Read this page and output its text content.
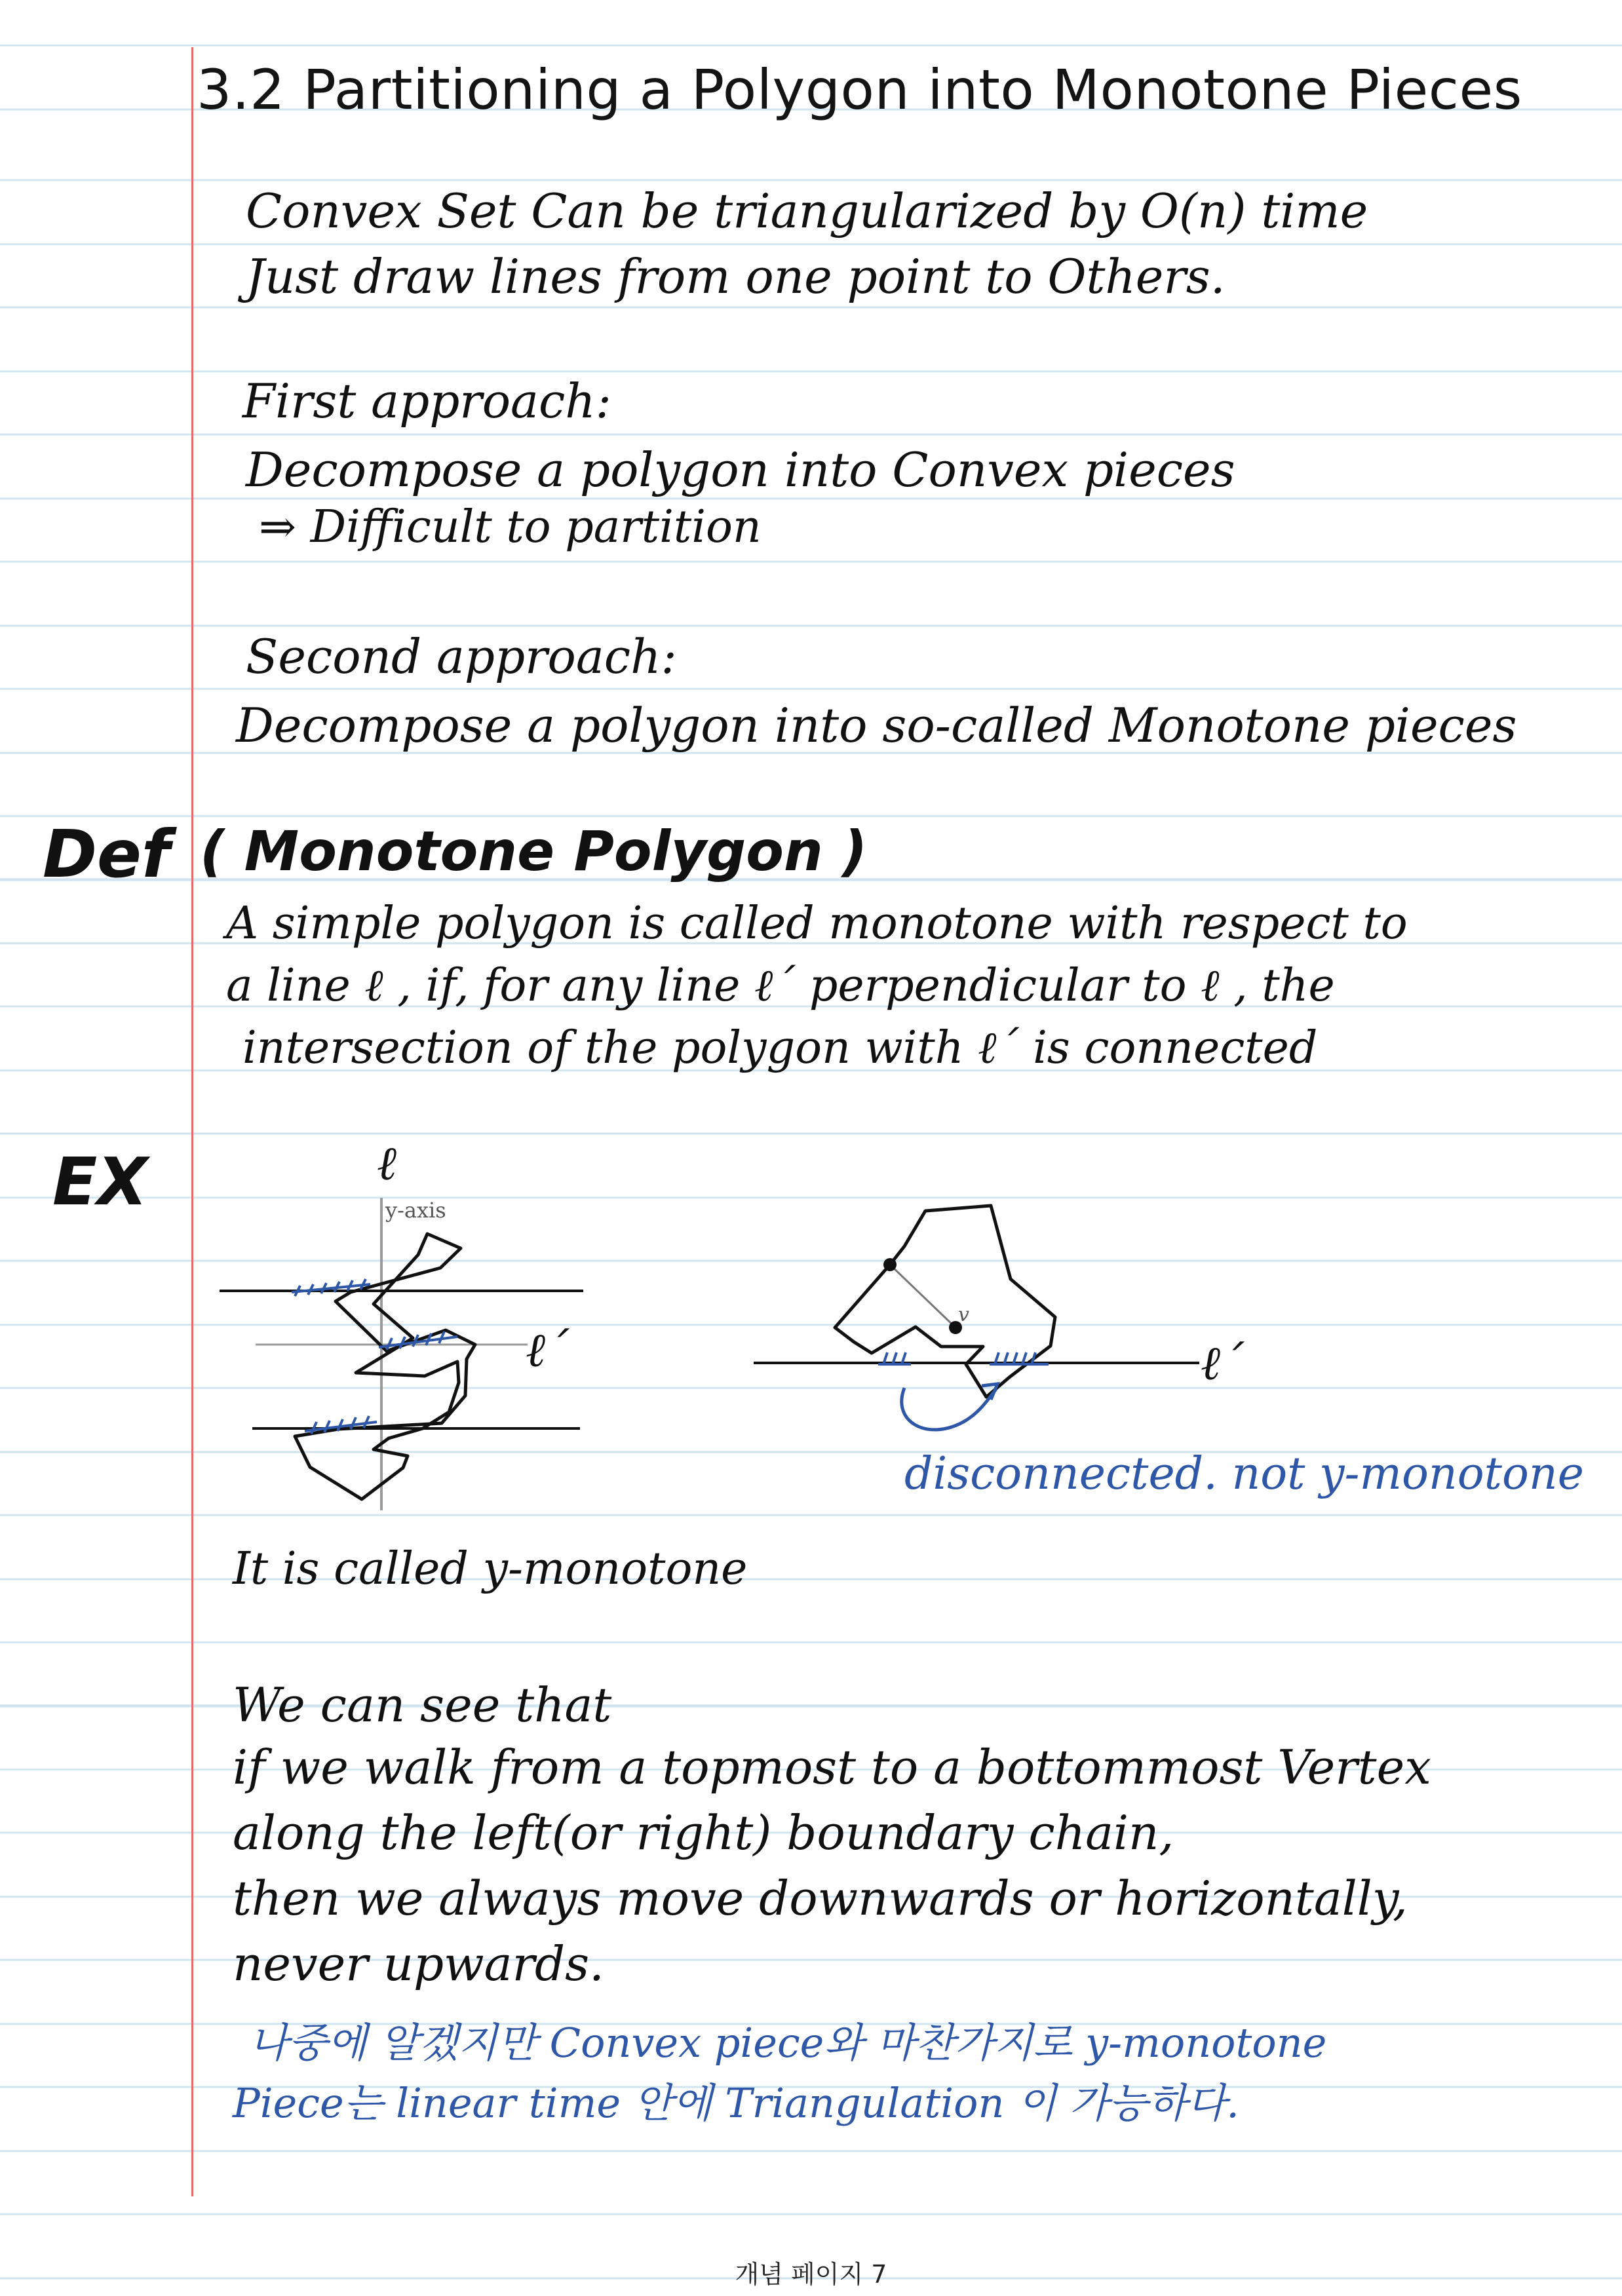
3.2 Partitioning a Polygon into Monotone Pieces
Convex Set Can be triangularized by O(n) time
Just draw lines from one point to Others.
First approach:
Decompose a polygon into Convex pieces
⇒ Difficult to partition
Second approach:
Decompose a polygon into so-called Monotone pieces
Def ( Monotone Polygon )
A simple polygon is called monotone with respect to
a line ℓ , if, for any line ℓ´ perpendicular to ℓ , the
intersection of the polygon with ℓ´ is connected
EX	ℓ
y-axis
ℓ´
v
ℓ´
disconnected. not y-monotone
It is called y-monotone
We can see that
if we walk from a topmost to a bottommost Vertex
along the left(or right) boundary chain,
then we always move downwards or horizontally,
never upwards.
나중에 알겠지만 Convex piece와 마찬가지로 y-monotone
Piece는 linear time 안에 Triangulation 이 가능하다.
개념 페이지 7
